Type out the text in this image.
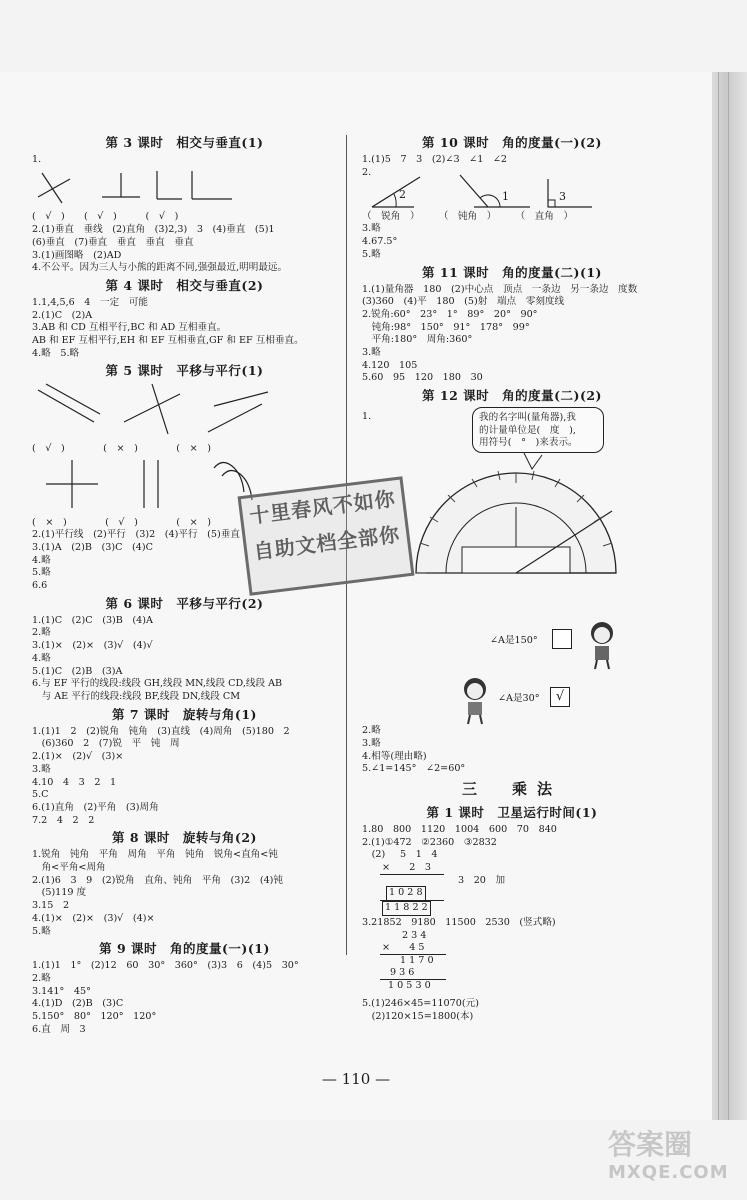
第 3 课时　相交与垂直(1)
1.
(　√　)　　(　√　)　　　(　√　)
2.(1)垂直　垂线　(2)直角　(3)2,3)　3　(4)垂直　(5)1
(6)垂直　(7)垂直　垂直　垂直　垂直
3.(1)画图略　(2)AD
4.不公平。因为三人与小熊的距离不同,强强最近,明明最远。
第 4 课时　相交与垂直(2)
1.1,4,5,6　4　一定　可能
2.(1)C　(2)A
3.AB 和 CD 互相平行,BC 和 AD 互相垂直。
AB 和 EF 互相平行,EH 和 EF 互相垂直,GF 和 EF 互相垂直。
4.略　5.略
第 5 课时　平移与平行(1)
(　√　)　　　　(　×　)　　　　(　×　)
(　×　)　　　　(　√　)　　　　(　×　)
2.(1)平行线　(2)平行　(3)2　(4)平行　(5)垂直
3.(1)A　(2)B　(3)C　(4)C
4.略
5.略
6.6
第 6 课时　平移与平行(2)
1.(1)C　(2)C　(3)B　(4)A
2.略
3.(1)×　(2)×　(3)√　(4)√
4.略
5.(1)C　(2)B　(3)A
6.与 EF 平行的线段:线段 GH,线段 MN,线段 CD,线段 AB
　与 AE 平行的线段:线段 BF,线段 DN,线段 CM
第 7 课时　旋转与角(1)
1.(1)1　2　(2)锐角　钝角　(3)直线　(4)周角　(5)180　2
　(6)360　2　(7)锐　平　钝　周
2.(1)×　(2)√　(3)×
3.略
4.10　4　3　2　1
5.C
6.(1)直角　(2)平角　(3)周角
7.2　4　2　2
第 8 课时　旋转与角(2)
1.锐角　钝角　平角　周角　平角　钝角　锐角<直角<钝
　角<平角<周角
2.(1)6　3　9　(2)锐角　直角、钝角　平角　(3)2　(4)钝
　(5)119 度
3.15　2
4.(1)×　(2)×　(3)√　(4)×
5.略
第 9 课时　角的度量(一)(1)
1.(1)1　1°　(2)12　60　30°　360°　(3)3　6　(4)5　30°
2.略
3.141°　45°
4.(1)D　(2)B　(3)C
5.150°　80°　120°　120°
6.直　周　3
第 10 课时　角的度量(一)(2)
1.(1)5　7　3　(2)∠3　∠1　∠2
2.
2	1	3
（　锐角　）　　　（　钝角　）　　　（　直角　）
3.略
4.67.5°
5.略
第 11 课时　角的度量(二)(1)
1.(1)量角器　180　(2)中心点　顶点　一条边　另一条边　度数
(3)360　(4)平　180　(5)射　端点　零刻度线
2.锐角:60°　23°　1°　89°　20°　90°
　钝角:98°　150°　91°　178°　99°
　平角:180°　周角:360°
3.略
4.120　105
5.60　95　120　180　30
第 12 课时　角的度量(二)(2)
1.	我的名字叫(量角器),我
的计量单位是(　度　),
用符号(　°　)来表示。
∠A是150°
∠A是30°	√
2.略
3.略
4.相等(理由略)
5.∠1=145°　∠2=60°
三　乘法
第 1 课时　卫星运行时间(1)
1.80　800　1120　1004　600　70　840
2.(1)①472　②2360　③2832
　(2) 5　1　4
×　　2　3
3　20　加
1 0 2 8
1 1 8 2 2
3.21852　9180　11500　2530　(竖式略)
2 3 4
×　　4 5
1 1 7 0
9 3 6
1 0 5 3 0
5.(1)246×45=11070(元)
　(2)120×15=1800(本)
十里春风不如你
自助文档全部你
— 110 —
答案圈
MXQE.COM
